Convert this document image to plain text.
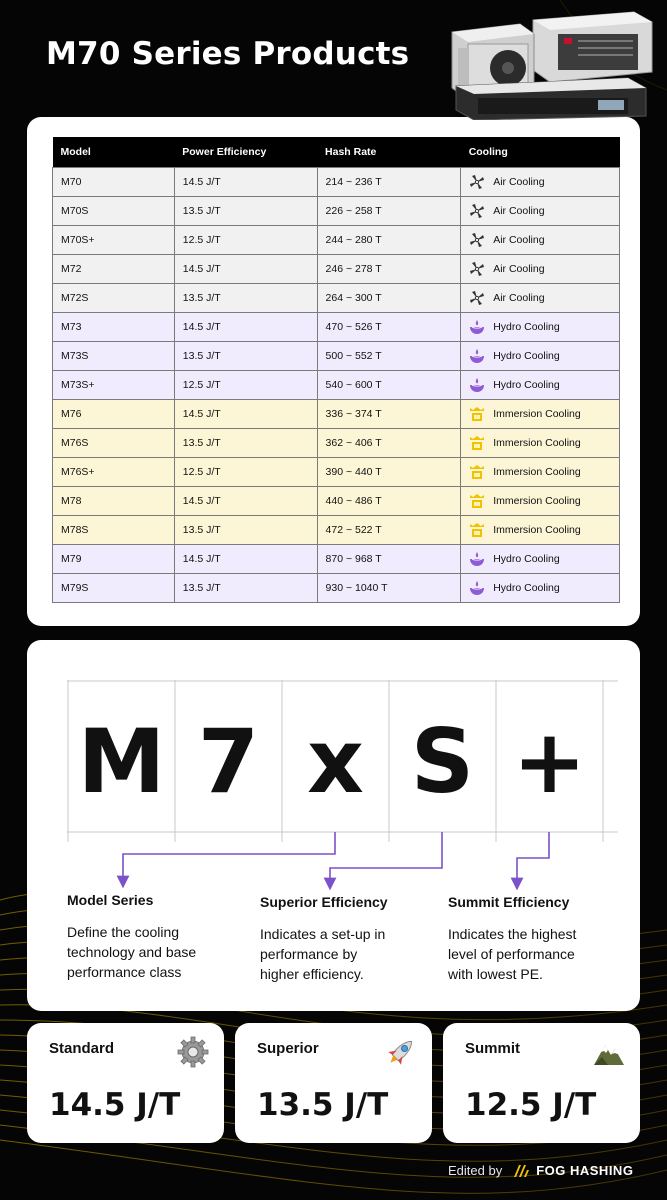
M70 Series Products
Model	Power Efficiency	Hash Rate	Cooling
M70	14.5 J/T	214 ~ 236 T	Air Cooling

M70S	13.5 J/T	226 ~ 258 T	Air Cooling

M70S+	12.5 J/T	244 ~ 280 T	Air Cooling

M72	14.5 J/T	246 ~ 278 T	Air Cooling

M72S	13.5 J/T	264 ~ 300 T	Air Cooling

M73	14.5 J/T	470 ~ 526 T	Hydro Cooling

M73S	13.5 J/T	500 ~ 552 T	Hydro Cooling

M73S+	12.5 J/T	540 ~ 600 T	Hydro Cooling

M76	14.5 J/T	336 ~ 374 T	Immersion Cooling

M76S	13.5 J/T	362 ~ 406 T	Immersion Cooling

M76S+	12.5 J/T	390 ~ 440 T	Immersion Cooling

M78	14.5 J/T	440 ~ 486 T	Immersion Cooling

M78S	13.5 J/T	472 ~ 522 T	Immersion Cooling

M79	14.5 J/T	870 ~ 968 T	Hydro Cooling

M79S	13.5 J/T	930 ~ 1040 T	Hydro Cooling
M 7 x S +
Model Series
Define the cooling
technology and base
performance class
Superior Efficiency
Indicates a set-up in
performance by
higher efficiency.
Summit Efficiency
Indicates the highest
level of performance
with lowest PE.
Standard
14.5 J/T
Superior
13.5 J/T
Summit
12.5 J/T
Edited by	FOG HASHING
